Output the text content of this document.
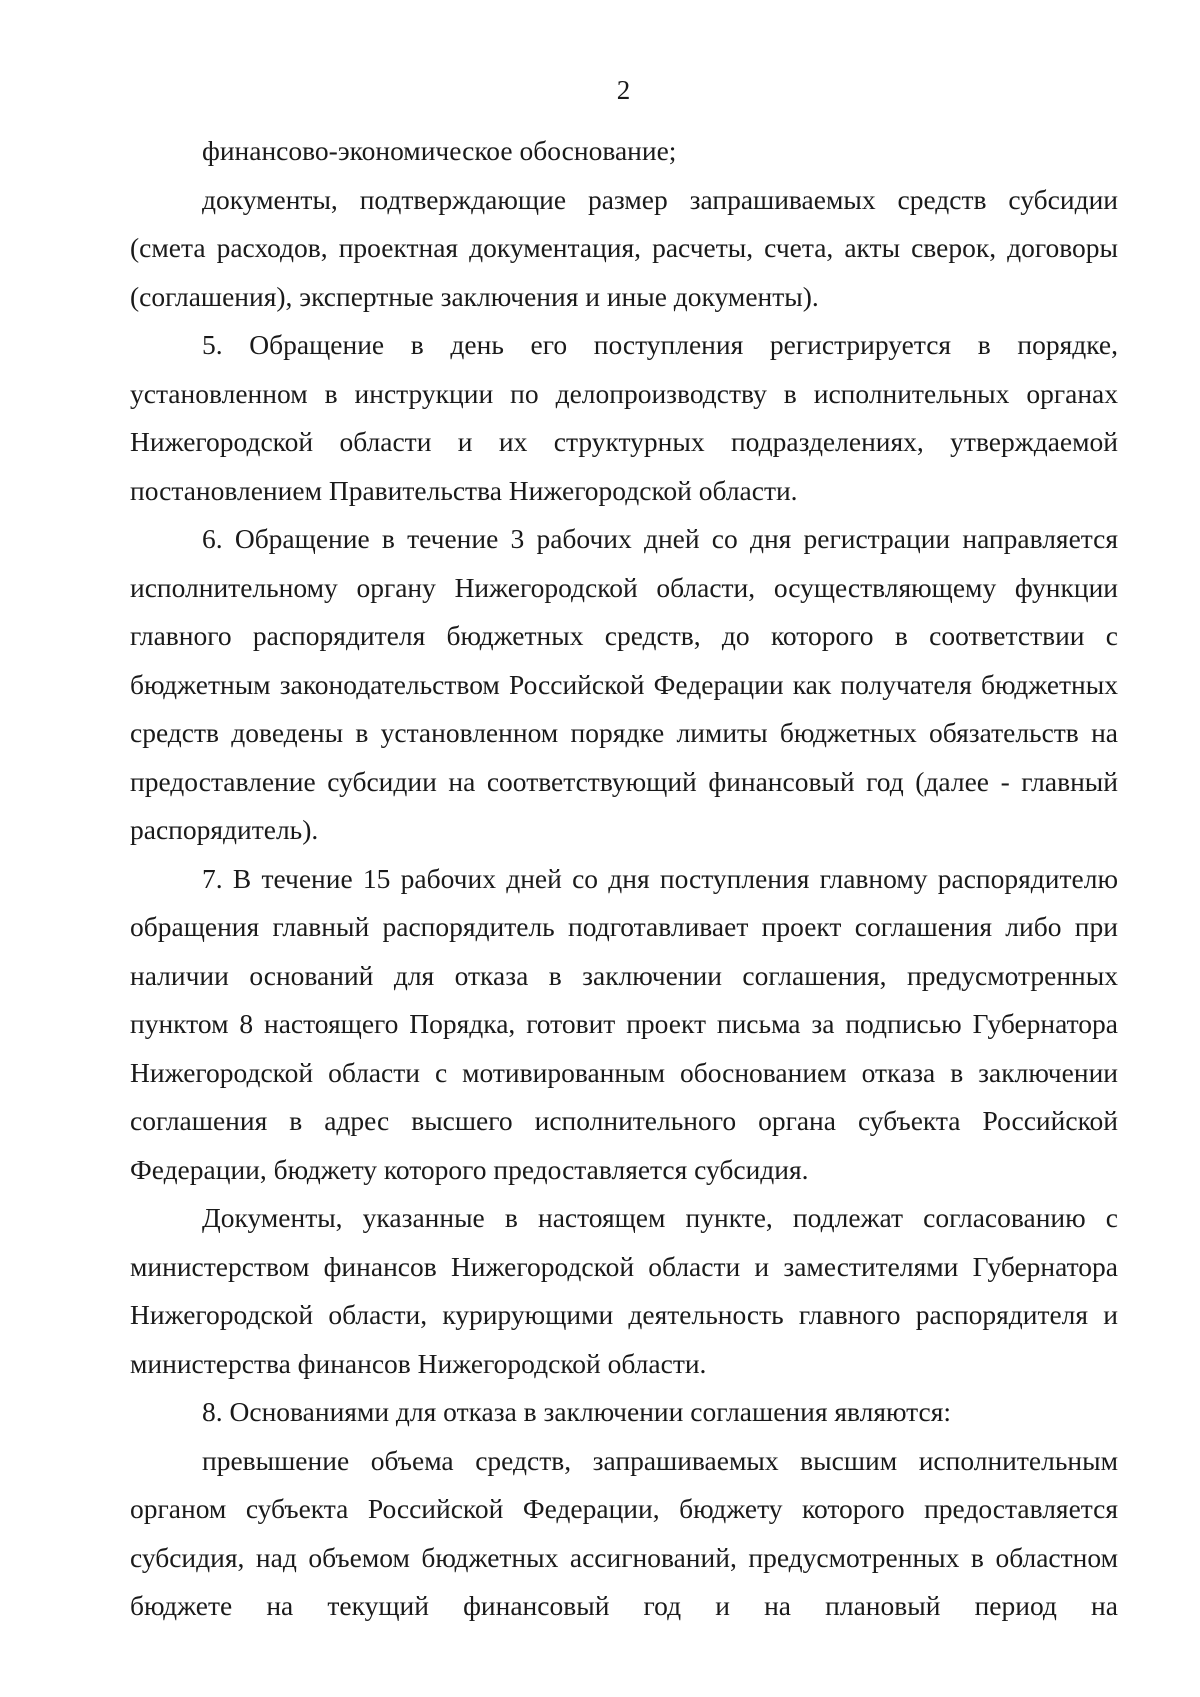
2

финансово-экономическое обоснование;

документы, подтверждающие размер запрашиваемых средств субсидии (смета расходов, проектная документация, расчеты, счета, акты сверок, договоры (соглашения), экспертные заключения и иные документы).

5. Обращение в день его поступления регистрируется в порядке, установленном в инструкции по делопроизводству в исполнительных органах Нижегородской области и их структурных подразделениях, утверждаемой постановлением Правительства Нижегородской области.

6. Обращение в течение 3 рабочих дней со дня регистрации направляется исполнительному органу Нижегородской области, осуществляющему функции главного распорядителя бюджетных средств, до которого в соответствии с бюджетным законодательством Российской Федерации как получателя бюджетных средств доведены в установленном порядке лимиты бюджетных обязательств на предоставление субсидии на соответствующий финансовый год (далее - главный распорядитель).

7. В течение 15 рабочих дней со дня поступления главному распорядителю обращения главный распорядитель подготавливает проект соглашения либо при наличии оснований для отказа в заключении соглашения, предусмотренных пунктом 8 настоящего Порядка, готовит проект письма за подписью Губернатора Нижегородской области с мотивированным обоснованием отказа в заключении соглашения в адрес высшего исполнительного органа субъекта Российской Федерации, бюджету которого предоставляется субсидия.

Документы, указанные в настоящем пункте, подлежат согласованию с министерством финансов Нижегородской области и заместителями Губернатора Нижегородской области, курирующими деятельность главного распорядителя и министерства финансов Нижегородской области.

8. Основаниями для отказа в заключении соглашения являются:

превышение объема средств, запрашиваемых высшим исполнительным органом субъекта Российской Федерации, бюджету которого предоставляется субсидия, над объемом бюджетных ассигнований, предусмотренных в областном бюджете на текущий финансовый год и на плановый период на
